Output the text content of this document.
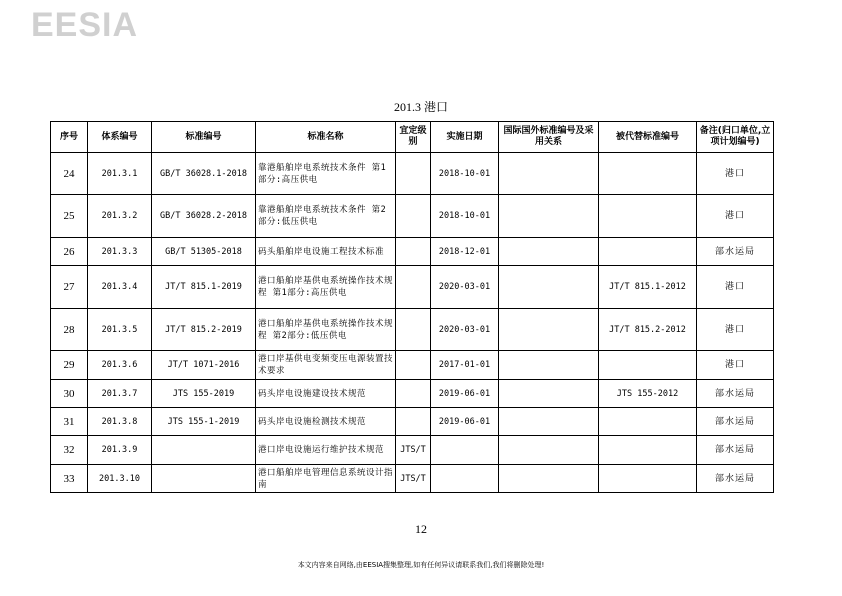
EESIA
201.3 港口
序号	体系编号	标准编号	标准名称	宜定级别	实施日期	国际国外标准编号及采用关系	被代替标准编号	备注(归口单位,立项计划编号)
24	201.3.1	GB/T 36028.1-2018	靠港船舶岸电系统技术条件 第1部分:高压供电		2018-10-01			港口
25	201.3.2	GB/T 36028.2-2018	靠港船舶岸电系统技术条件 第2部分:低压供电		2018-10-01			港口
26	201.3.3	GB/T 51305-2018	码头船舶岸电设施工程技术标准		2018-12-01			部水运局
27	201.3.4	JT/T 815.1-2019	港口船舶岸基供电系统操作技术规程 第1部分:高压供电		2020-03-01		JT/T 815.1-2012	港口
28	201.3.5	JT/T 815.2-2019	港口船舶岸基供电系统操作技术规程 第2部分:低压供电		2020-03-01		JT/T 815.2-2012	港口
29	201.3.6	JT/T 1071-2016	港口岸基供电变频变压电源装置技术要求		2017-01-01			港口
30	201.3.7	JTS 155-2019	码头岸电设施建设技术规范		2019-06-01		JTS 155-2012	部水运局
31	201.3.8	JTS 155-1-2019	码头岸电设施检测技术规范		2019-06-01			部水运局
32	201.3.9		港口岸电设施运行维护技术规范	JTS/T				部水运局
33	201.3.10		港口船舶岸电管理信息系统设计指南	JTS/T				部水运局
12
本文内容来自网络,由EESIA搜集整理,如有任何异议请联系我们,我们将删除处理!
